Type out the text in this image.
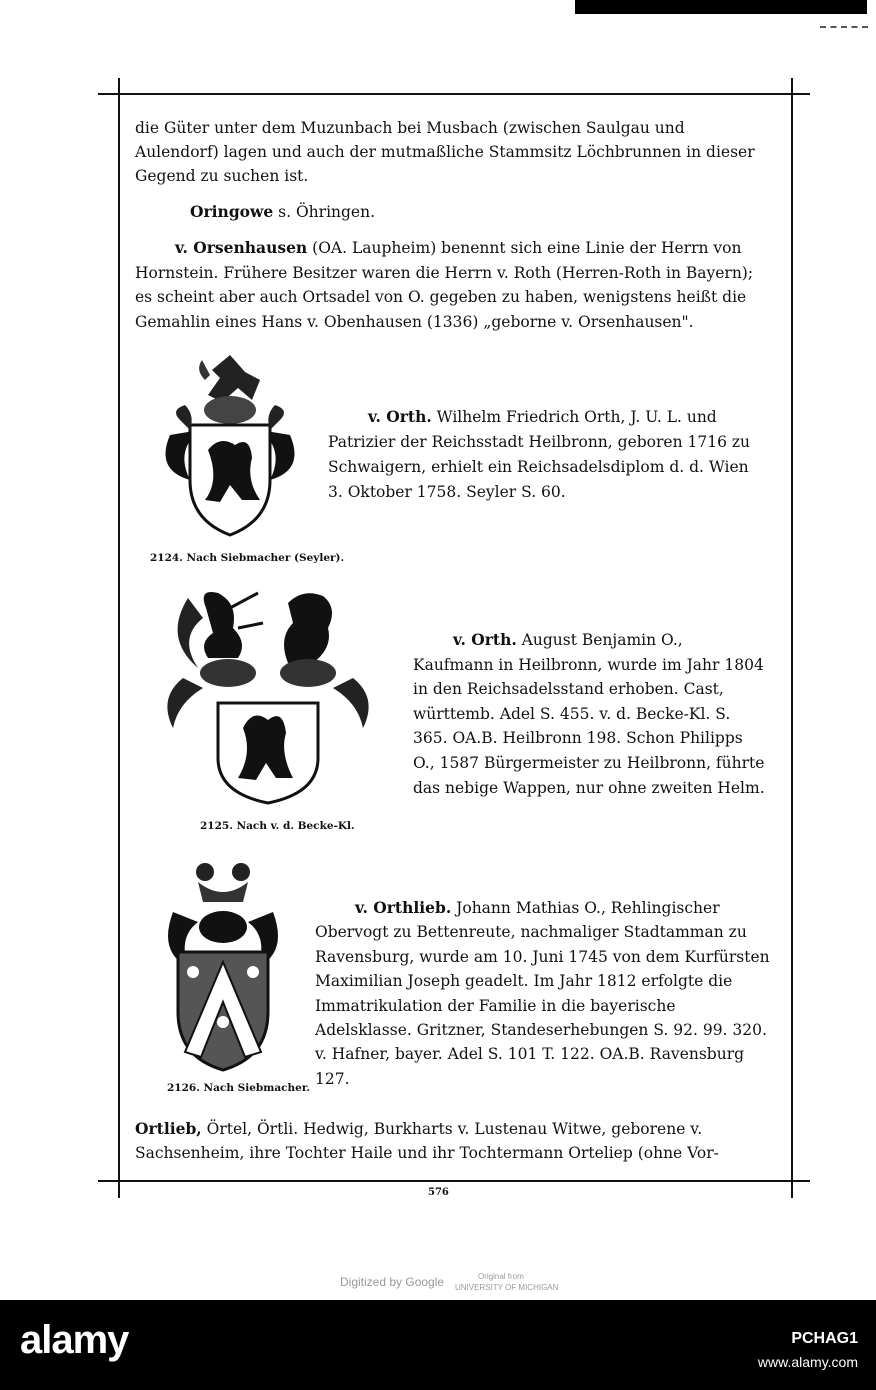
die Güter unter dem Muzunbach bei Musbach (zwischen Saulgau und Aulendorf) lagen und auch der mutmaßliche Stammsitz Löchbrunnen in dieser Gegend zu suchen ist.
Oringowe s. Öhringen.
v. Orsenhausen (OA. Laupheim) benennt sich eine Linie der Herrn von Hornstein. Frühere Besitzer waren die Herrn v. Roth (Herren-Roth in Bayern); es scheint aber auch Ortsadel von O. gegeben zu haben, wenigstens heißt die Gemahlin eines Hans v. Obenhausen (1336) „geborne v. Orsenhausen".
2124. Nach Siebmacher (Seyler).
v. Orth. Wilhelm Friedrich Orth, J. U. L. und Patrizier der Reichsstadt Heilbronn, geboren 1716 zu Schwaigern, erhielt ein Reichsadelsdiplom d. d. Wien 3. Oktober 1758. Seyler S. 60.
2125. Nach v. d. Becke-Kl.
v. Orth. August Benjamin O., Kaufmann in Heilbronn, wurde im Jahr 1804 in den Reichsadelsstand erhoben. Cast, württemb. Adel S. 455. v. d. Becke-Kl. S. 365. OA.B. Heilbronn 198. Schon Philipps O., 1587 Bürgermeister zu Heilbronn, führte das nebige Wappen, nur ohne zweiten Helm.
2126. Nach Siebmacher.
v. Orthlieb. Johann Mathias O., Rehlingischer Obervogt zu Bettenreute, nachmaliger Stadtamman zu Ravensburg, wurde am 10. Juni 1745 von dem Kurfürsten Maximilian Joseph geadelt. Im Jahr 1812 erfolgte die Immatrikulation der Familie in die bayerische Adelsklasse. Gritzner, Standeserhebungen S. 92. 99. 320. v. Hafner, bayer. Adel S. 101 T. 122. OA.B. Ravensburg 127.
Ortlieb, Örtel, Örtli. Hedwig, Burkharts v. Lustenau Witwe, geborene v. Sachsenheim, ihre Tochter Haile und ihr Tochtermann Orteliep (ohne Vor-
576
Digitized by Google	Original from
UNIVERSITY OF MICHIGAN
alamy	PCHAG1
www.alamy.com
